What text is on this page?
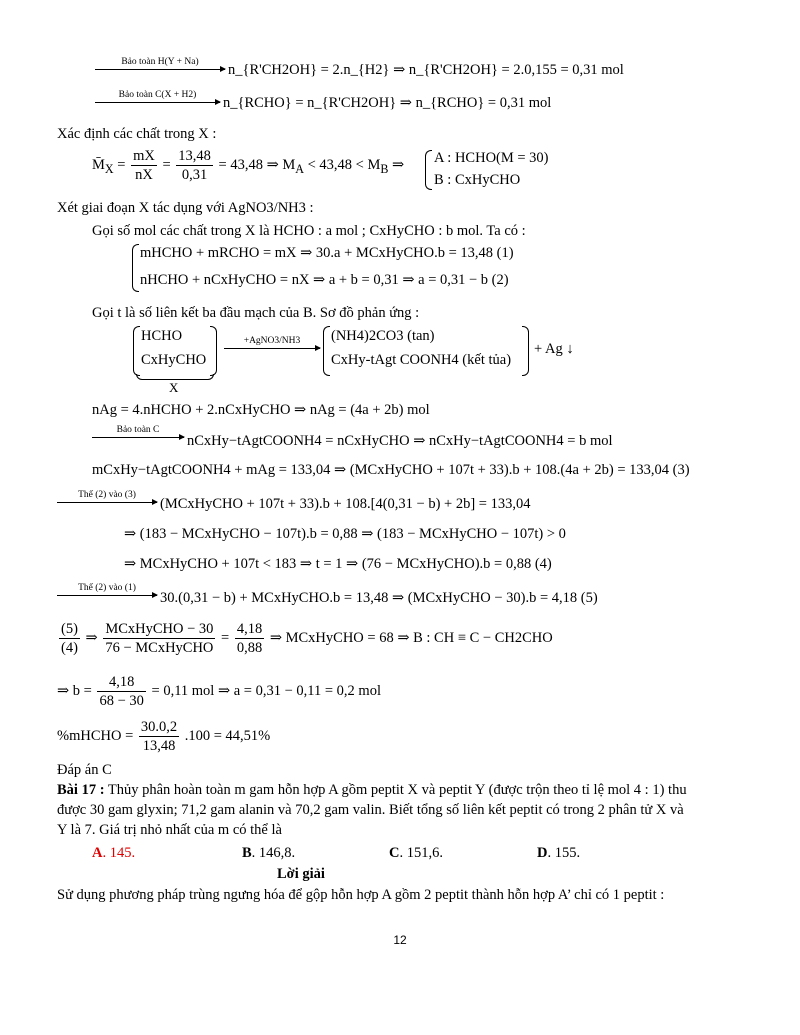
Bảo toàn H(Y + Na)	n_{R'CH2OH} = 2.n_{H2} ⇒ n_{R'CH2OH} = 2.0,155 = 0,31 mol
Bảo toàn C(X + H2)	n_{RCHO} = n_{R'CH2OH} ⇒ n_{RCHO} = 0,31 mol
Xác định các chất trong X :
$M̄_X = \frac{mX}{nX} = \frac{13,48}{0,31} = 43,48$ ⇒ $M_A < 43,48 < M_B$ ⇒ A : HCHO(M = 30)
B : CxHyCHO
Xét giai đoạn X tác dụng với AgNO3/NH3 :
Gọi số mol các chất trong X là HCHO : a mol ; CxHyCHO : b mol. Ta có :
mHCHO + mRCHO = mX ⇒ 30.a + MCxHyCHO.b = 13,48 (1)
nHCHO + nCxHyCHO = nX ⇒ a + b = 0,31 ⇒ a = 0,31 − b (2)
Gọi t là số liên kết ba đầu mạch của B. Sơ đồ phản ứng :
HCHO
CxHyCHO
X
+AgNO3/NH3	(NH4)2CO3 (tan)
CxHy-tAgt COONH4 (kết tủa)
+ Ag ↓
nAg = 4.nHCHO + 2.nCxHyCHO ⇒ nAg = (4a + 2b) mol
Bảo toàn C
nCxHy−tAgtCOONH4 = nCxHyCHO ⇒ nCxHy−tAgtCOONH4 = b mol
mCxHy−tAgtCOONH4 + mAg = 133,04 ⇒ (MCxHyCHO + 107t + 33).b + 108.(4a + 2b) = 133,04 (3)
Thế (2) vào (3)
(MCxHyCHO + 107t + 33).b + 108.[4(0,31 − b) + 2b] = 133,04
⇒ (183 − MCxHyCHO − 107t).b = 0,88 ⇒ (183 − MCxHyCHO − 107t) > 0
⇒ MCxHyCHO + 107t < 183 ⇒ t = 1 ⇒ (76 − MCxHyCHO).b = 0,88 (4)
Thế (2) vào (1)
30.(0,31 − b) + MCxHyCHO.b = 13,48 ⇒ (MCxHyCHO − 30).b = 4,18 (5)
$\frac{(5)}{(4)}$ ⇒ $\frac{\text{MCxHyCHO − 30}}{\text{76 − MCxHyCHO}} = \frac{4,18}{0,88}$ ⇒ MCxHyCHO = 68 ⇒ B : CH ≡ C − CH2CHO
⇒ $b = \frac{4,18}{68 - 30} = 0,11$ mol ⇒ a = 0,31 − 0,11 = 0,2 mol
%mHCHO = $\frac{30.0,2}{13,48} .100 = 44,51\%$
Đáp án C
Bài 17 : Thủy phân hoàn toàn m gam hỗn hợp A gồm peptit X và peptit Y (được trộn theo tỉ lệ mol 4 : 1) thu
được 30 gam glyxin; 71,2 gam alanin và 70,2 gam valin. Biết tổng số liên kết peptit có trong 2 phân tử X và
Y là 7. Giá trị nhỏ nhất của m có thể là
A. 145.	B. 146,8.	C. 151,6.	D. 155.
Lời giải
Sử dụng phương pháp trùng ngưng hóa để gộp hỗn hợp A gồm 2 peptit thành hỗn hợp A’ chỉ có 1 peptit :
12
